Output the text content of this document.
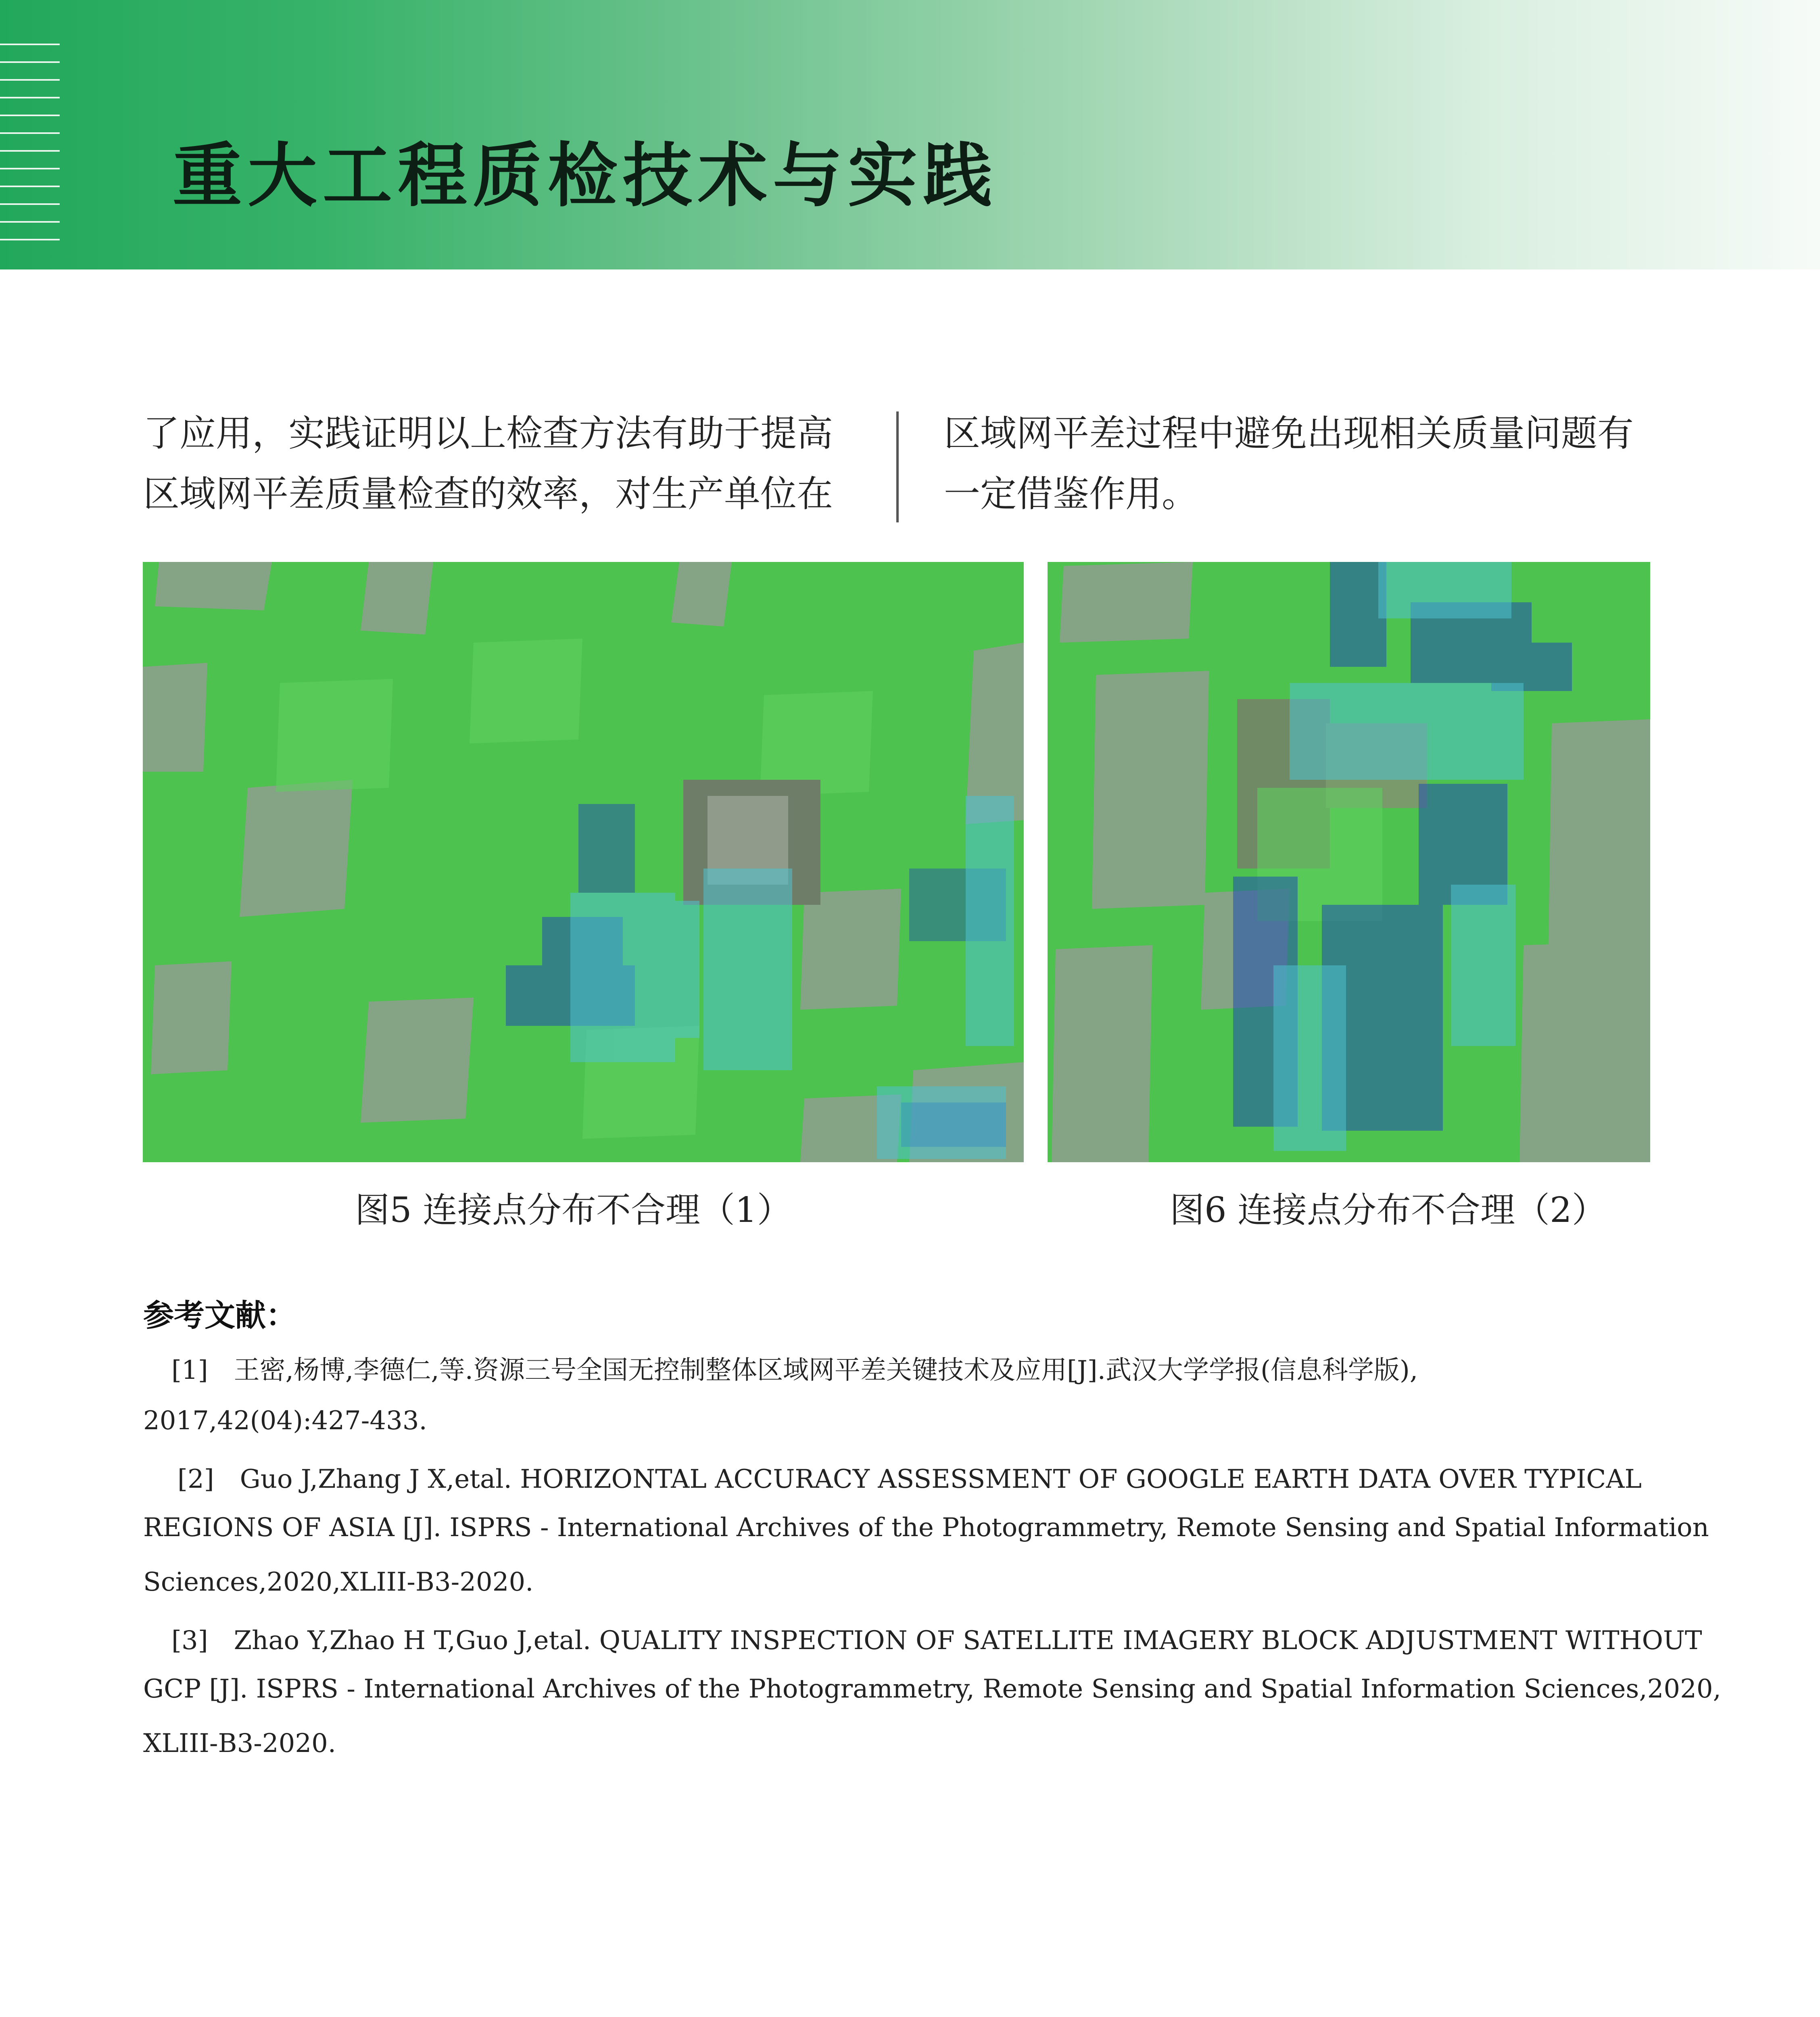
重大工程质检技术与实践
了应用，实践证明以上检查方法有助于提高
区域网平差质量检查的效率，对生产单位在
区域网平差过程中避免出现相关质量问题有
一定借鉴作用。
图5 连接点分布不合理（1）	图6 连接点分布不合理（2）
参考文献：
[1]　王密,杨博,李德仁,等.资源三号全国无控制整体区域网平差关键技术及应用[J].武汉大学学报(信息科学版),
2017,42(04):427-433.
[2]　Guo J,Zhang J X,etal. HORIZONTAL ACCURACY ASSESSMENT OF GOOGLE EARTH DATA OVER TYPICAL
REGIONS OF ASIA [J]. ISPRS - International Archives of the Photogrammetry, Remote Sensing and Spatial Information
Sciences,2020,XLIII-B3-2020.
[3]　Zhao Y,Zhao H T,Guo J,etal. QUALITY INSPECTION OF SATELLITE IMAGERY BLOCK ADJUSTMENT WITHOUT
GCP [J]. ISPRS - International Archives of the Photogrammetry, Remote Sensing and Spatial Information Sciences,2020,
XLIII-B3-2020.
